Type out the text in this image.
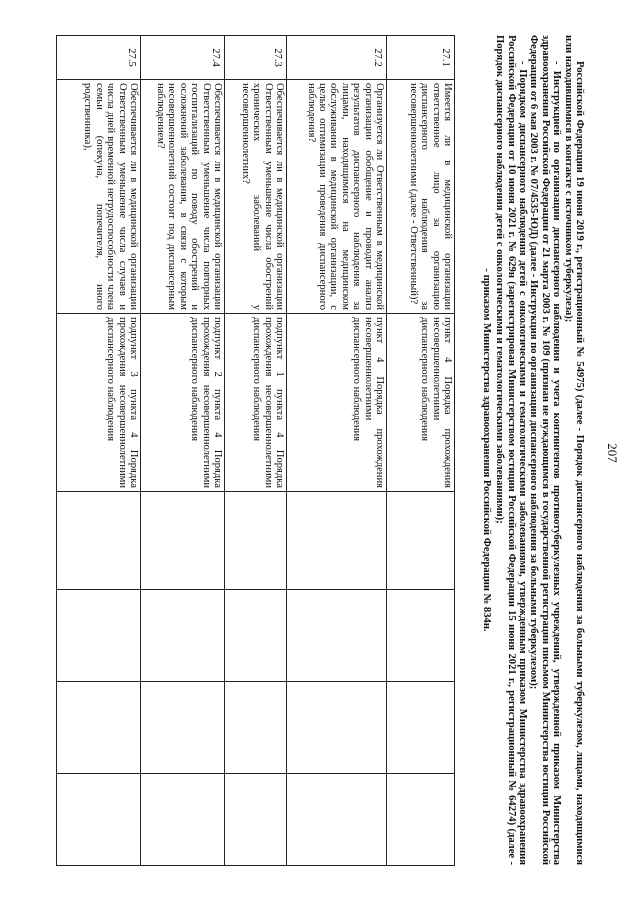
207

Российской Федерации 19 июня 2019 г., регистрационный № 54975) (далее - Порядок диспансерного наблюдения за больными туберкулезом, лицами, находящимися или находившимися в контакте с источником туберкулеза);

- Инструкцией по организации диспансерного наблюдения и учета контингентов противотуберкулезных учреждений, утвержденной приказом Министерства здравоохранения Российской Федерации от 21 марта 2003 г. № 109 (признан не нуждающимся в государственной регистрации письмом Министерства юстиции Российской Федерации от 6 мая 2003 г. № 07/4535-ЮД) (далее - Инструкция по организации диспансерного наблюдения за больными туберкулезом);

- Порядком диспансерного наблюдения детей с онкологическими и гематологическими заболеваниями, утвержденным приказом Министерства здравоохранения Российской Федерации от 10 июня 2021 г. № 629н (зарегистрирован Министерством юстиции Российской Федерации 15 июня 2021 г., регистрационный № 64274) (далее - Порядок диспансерного наблюдения детей с онкологическими и гематологическими заболеваниями);

- приказом Министерства здравоохранения Российской Федерации № 834н.

27.1	Имеется ли в медицинской организации ответственное лицо за организацию диспансерного наблюдения за несовершеннолетними (далее - Ответственный)?	пункт 4 Порядка прохождения несовершеннолетними диспансерного наблюдения				
27.2	Организуется ли Ответственным в медицинской организации обобщение и проводит анализ результатов диспансерного наблюдения за лицами, находящимися на медицинском обслуживании в медицинской организации, с целью оптимизации проведения диспансерного наблюдения?	пункт 4 Порядка прохождения несовершеннолетними диспансерного наблюдения				
27.3	Обеспечивается ли в медицинской организации Ответственным уменьшение числа обострений хронических заболеваний у несовершеннолетних?	подпункт 1 пункта 4 Порядка прохождения несовершеннолетними диспансерного наблюдения				
27.4	Обеспечивается ли в медицинской организации Ответственным уменьшение числа повторных госпитализаций по поводу обострений и осложнений заболевания, в связи с которым несовершеннолетний состоит под диспансерным наблюдением?	подпункт 2 пункта 4 Порядка прохождения несовершеннолетними диспансерного наблюдения				
27.5	Обеспечивается ли в медицинской организации Ответственным уменьшение числа случаев и числа дней временной нетрудоспособности члена семьи (опекуна, попечителя, иного родственника),	подпункт 3 пункта 4 Порядка прохождения несовершеннолетними диспансерного наблюдения				
